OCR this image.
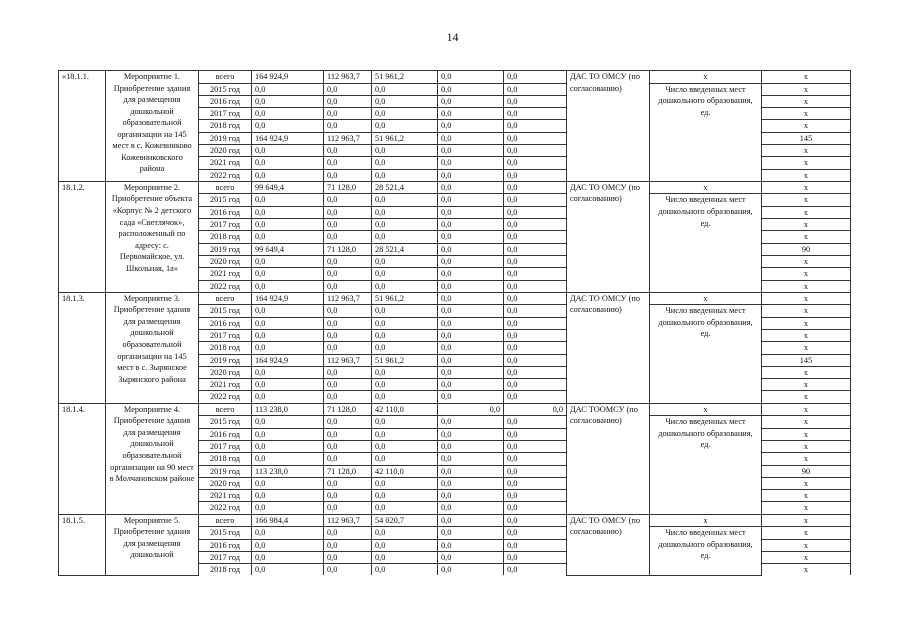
14
«18.1.1.	Мероприятие 1. Приобретение здания для размещения дошкольной образовательной организации на 145 мест в с. Кожевниково Кожевниковского района	всего	164 924,9	112 963,7	51 961,2	0,0	0,0	ДАС ТО ОМСУ (по согласованию)	х	х
		2015 год	0,0	0,0	0,0	0,0	0,0		Число введенных мест дошкольного образования, ед.	х
		2016 год	0,0	0,0	0,0	0,0	0,0			х
		2017 год	0,0	0,0	0,0	0,0	0,0			х
		2018 год	0,0	0,0	0,0	0,0	0,0			х
		2019 год	164 924,9	112 963,7	51 961,2	0,0	0,0			145
		2020 год	0,0	0,0	0,0	0,0	0,0			х
		2021 год	0,0	0,0	0,0	0,0	0,0			х
		2022 год	0,0	0,0	0,0	0,0	0,0			х
18.1.2.	Мероприятие 2. Приобретение объекта «Корпус № 2 детского сада «Светлячок», расположенный по адресу: с. Первомайское, ул. Школьная, 1а»	всего	99 649,4	71 128,0	28 521,4	0,0	0,0	ДАС ТО ОМСУ (по согласованию)	х	х
		2015 год	0,0	0,0	0,0	0,0	0,0		Число введенных мест дошкольного образования, ед.	х
		2016 год	0,0	0,0	0,0	0,0	0,0			х
		2017 год	0,0	0,0	0,0	0,0	0,0			х
		2018 год	0,0	0,0	0,0	0,0	0,0			х
		2019 год	99 649,4	71 128,0	28 521,4	0,0	0,0			90
		2020 год	0,0	0,0	0,0	0,0	0,0			х
		2021 год	0,0	0,0	0,0	0,0	0,0			х
		2022 год	0,0	0,0	0,0	0,0	0,0			х
18.1.3.	Мероприятие 3. Приобретение здания для размещения дошкольной образовательной организации на 145 мест в с. Зырянское Зырянского района	всего	164 924,9	112 963,7	51 961,2	0,0	0,0	ДАС ТО ОМСУ (по согласованию)	х	х
		2015 год	0,0	0,0	0,0	0,0	0,0		Число введенных мест дошкольного образования, ед.	х
		2016 год	0,0	0,0	0,0	0,0	0,0			х
		2017 год	0,0	0,0	0,0	0,0	0,0			х
		2018 год	0,0	0,0	0,0	0,0	0,0			х
		2019 год	164 924,9	112 963,7	51 961,2	0,0	0,0			145
		2020 год	0,0	0,0	0,0	0,0	0,0			х
		2021 год	0,0	0,0	0,0	0,0	0,0			х
		2022 год	0,0	0,0	0,0	0,0	0,0			х
18.1.4.	Мероприятие 4. Приобретение здания для размещения дошкольной образовательной организации на 90 мест в Молчановском районе	всего	113 238,0	71 128,0	42 110,0	0,0	0,0	ДАС ТООМСУ (по согласованию)	х	х
		2015 год	0,0	0,0	0,0	0,0	0,0		Число введенных мест дошкольного образования, ед.	х
		2016 год	0,0	0,0	0,0	0,0	0,0			х
		2017 год	0,0	0,0	0,0	0,0	0,0			х
		2018 год	0,0	0,0	0,0	0,0	0,0			х
		2019 год	113 238,0	71 128,0	42 110,0	0,0	0,0			90
		2020 год	0,0	0,0	0,0	0,0	0,0			х
		2021 год	0,0	0,0	0,0	0,0	0,0			х
		2022 год	0,0	0,0	0,0	0,0	0,0			х
18.1.5.	Мероприятие 5. Приобретение здания для размещения дошкольной	всего	166 984,4	112 963,7	54 020,7	0,0	0,0	ДАС ТО ОМСУ (по согласованию)	х	х
		2015 год	0,0	0,0	0,0	0,0	0,0		Число введенных мест дошкольного образования, ед.	х
		2016 год	0,0	0,0	0,0	0,0	0,0			х
		2017 год	0,0	0,0	0,0	0,0	0,0			х
		2018 год	0,0	0,0	0,0	0,0	0,0			х
